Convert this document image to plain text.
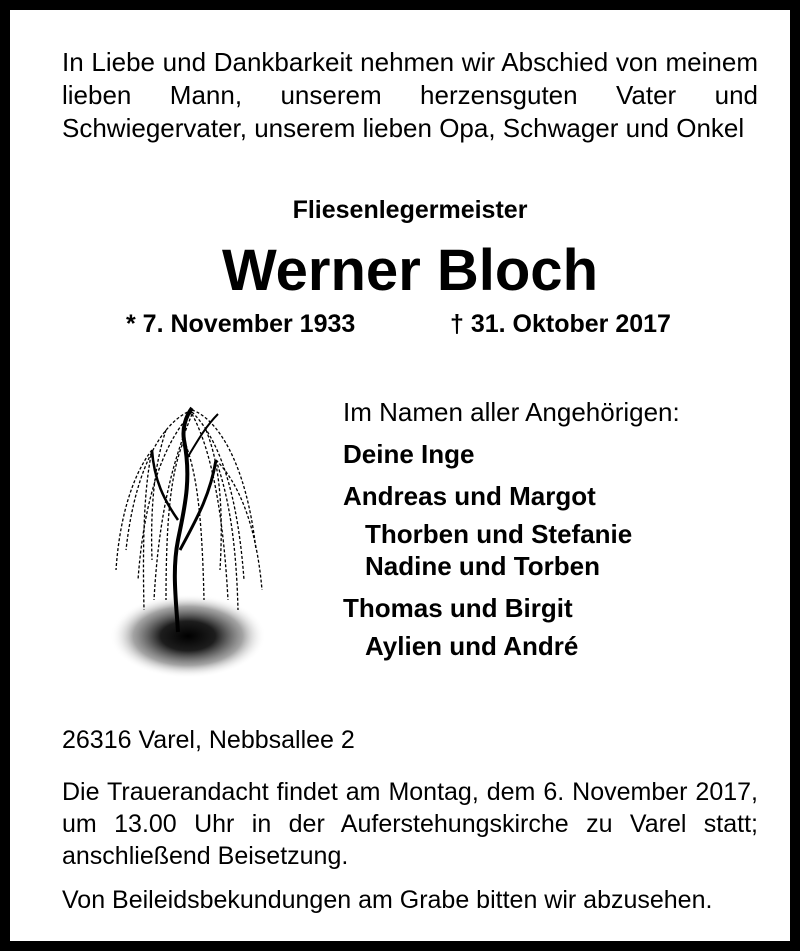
In Liebe und Dankbarkeit nehmen wir Abschied von meinem lieben Mann, unserem herzensguten Vater und Schwiegervater, unserem lieben Opa, Schwager und Onkel
Fliesenlegermeister
Werner Bloch
* 7. November 1933	† 31. Oktober 2017
Im Namen aller Angehörigen:
Deine Inge
Andreas und Margot
Thorben und Stefanie
Nadine und Torben
Thomas und Birgit
Aylien und André
26316 Varel, Nebbsallee 2
Die Trauerandacht findet am Montag, dem 6. November 2017, um 13.00 Uhr in der Auferstehungskirche zu Varel statt; anschließend Beisetzung.
Von Beileidsbekundungen am Grabe bitten wir abzusehen.
